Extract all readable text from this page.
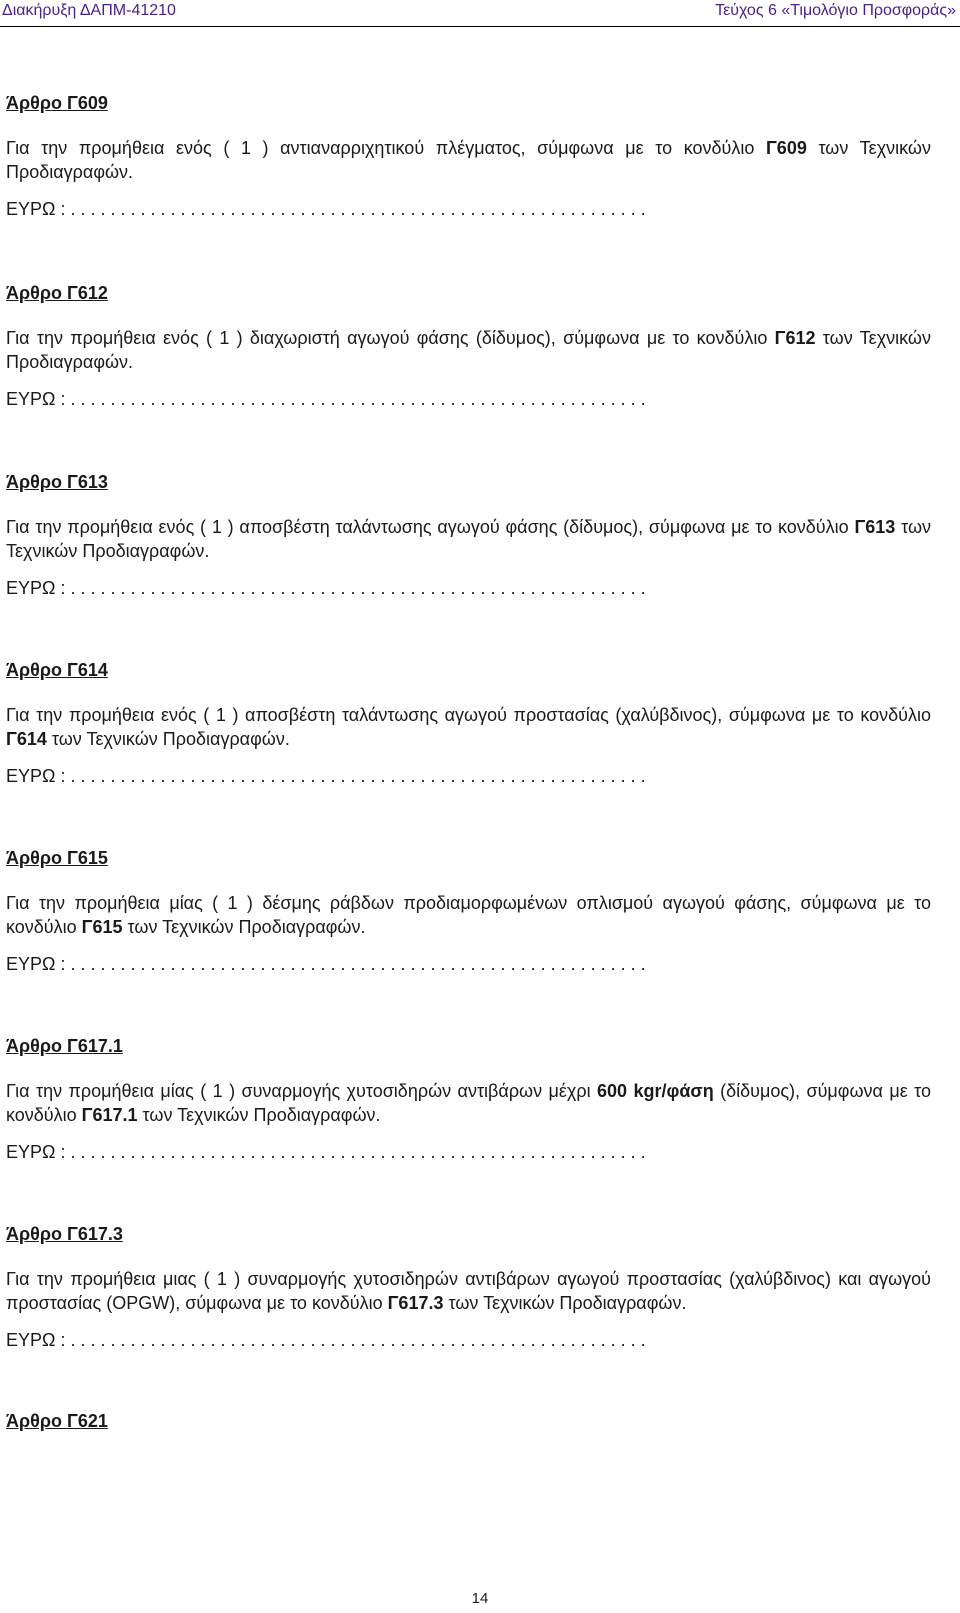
Διακήρυξη ΔΑΠΜ-41210	Τεύχος 6 «Τιμολόγιο Προσφοράς»

Άρθρο Γ609

Για την προμήθεια ενός ( 1 ) αντιαναρριχητικού πλέγματος, σύμφωνα με το κονδύλιο Γ609 των Τεχνικών Προδιαγραφών.
ΕΥΡΩ : . . . . . . . . . . . . . . . . . . . . . . . . . . . . . . . . . . . . . . . . . . . . . . . . . . . . . . . . . .

Άρθρο Γ612

Για την προμήθεια ενός ( 1 ) διαχωριστή αγωγού φάσης (δίδυμος), σύμφωνα με το κονδύλιο Γ612 των Τεχνικών Προδιαγραφών.
ΕΥΡΩ : . . . . . . . . . . . . . . . . . . . . . . . . . . . . . . . . . . . . . . . . . . . . . . . . . . . . . . . . . .

Άρθρο Γ613

Για την προμήθεια ενός ( 1 ) αποσβέστη ταλάντωσης αγωγού φάσης (δίδυμος), σύμφωνα με το κονδύλιο Γ613 των Τεχνικών Προδιαγραφών.
ΕΥΡΩ : . . . . . . . . . . . . . . . . . . . . . . . . . . . . . . . . . . . . . . . . . . . . . . . . . . . . . . . . . .

Άρθρο Γ614

Για την προμήθεια ενός ( 1 ) αποσβέστη ταλάντωσης αγωγού προστασίας (χαλύβδινος), σύμφωνα με το κονδύλιο Γ614 των Τεχνικών Προδιαγραφών.
ΕΥΡΩ : . . . . . . . . . . . . . . . . . . . . . . . . . . . . . . . . . . . . . . . . . . . . . . . . . . . . . . . . . .

Άρθρο Γ615

Για την προμήθεια μίας ( 1 ) δέσμης ράβδων προδιαμορφωμένων οπλισμού αγωγού φάσης, σύμφωνα με το κονδύλιο Γ615 των Τεχνικών Προδιαγραφών.
ΕΥΡΩ : . . . . . . . . . . . . . . . . . . . . . . . . . . . . . . . . . . . . . . . . . . . . . . . . . . . . . . . . . .

Άρθρο Γ617.1

Για την προμήθεια μίας ( 1 ) συναρμογής χυτοσιδηρών αντιβάρων μέχρι 600 kgr/φάση (δίδυμος), σύμφωνα με το κονδύλιο Γ617.1 των Τεχνικών Προδιαγραφών.
ΕΥΡΩ : . . . . . . . . . . . . . . . . . . . . . . . . . . . . . . . . . . . . . . . . . . . . . . . . . . . . . . . . . .

Άρθρο Γ617.3

Για την προμήθεια μιας ( 1 ) συναρμογής χυτοσιδηρών αντιβάρων αγωγού προστασίας (χαλύβδινος) και αγωγού προστασίας (OPGW), σύμφωνα με το κονδύλιο Γ617.3 των Τεχνικών Προδιαγραφών.
ΕΥΡΩ : . . . . . . . . . . . . . . . . . . . . . . . . . . . . . . . . . . . . . . . . . . . . . . . . . . . . . . . . . .

Άρθρο Γ621

14
